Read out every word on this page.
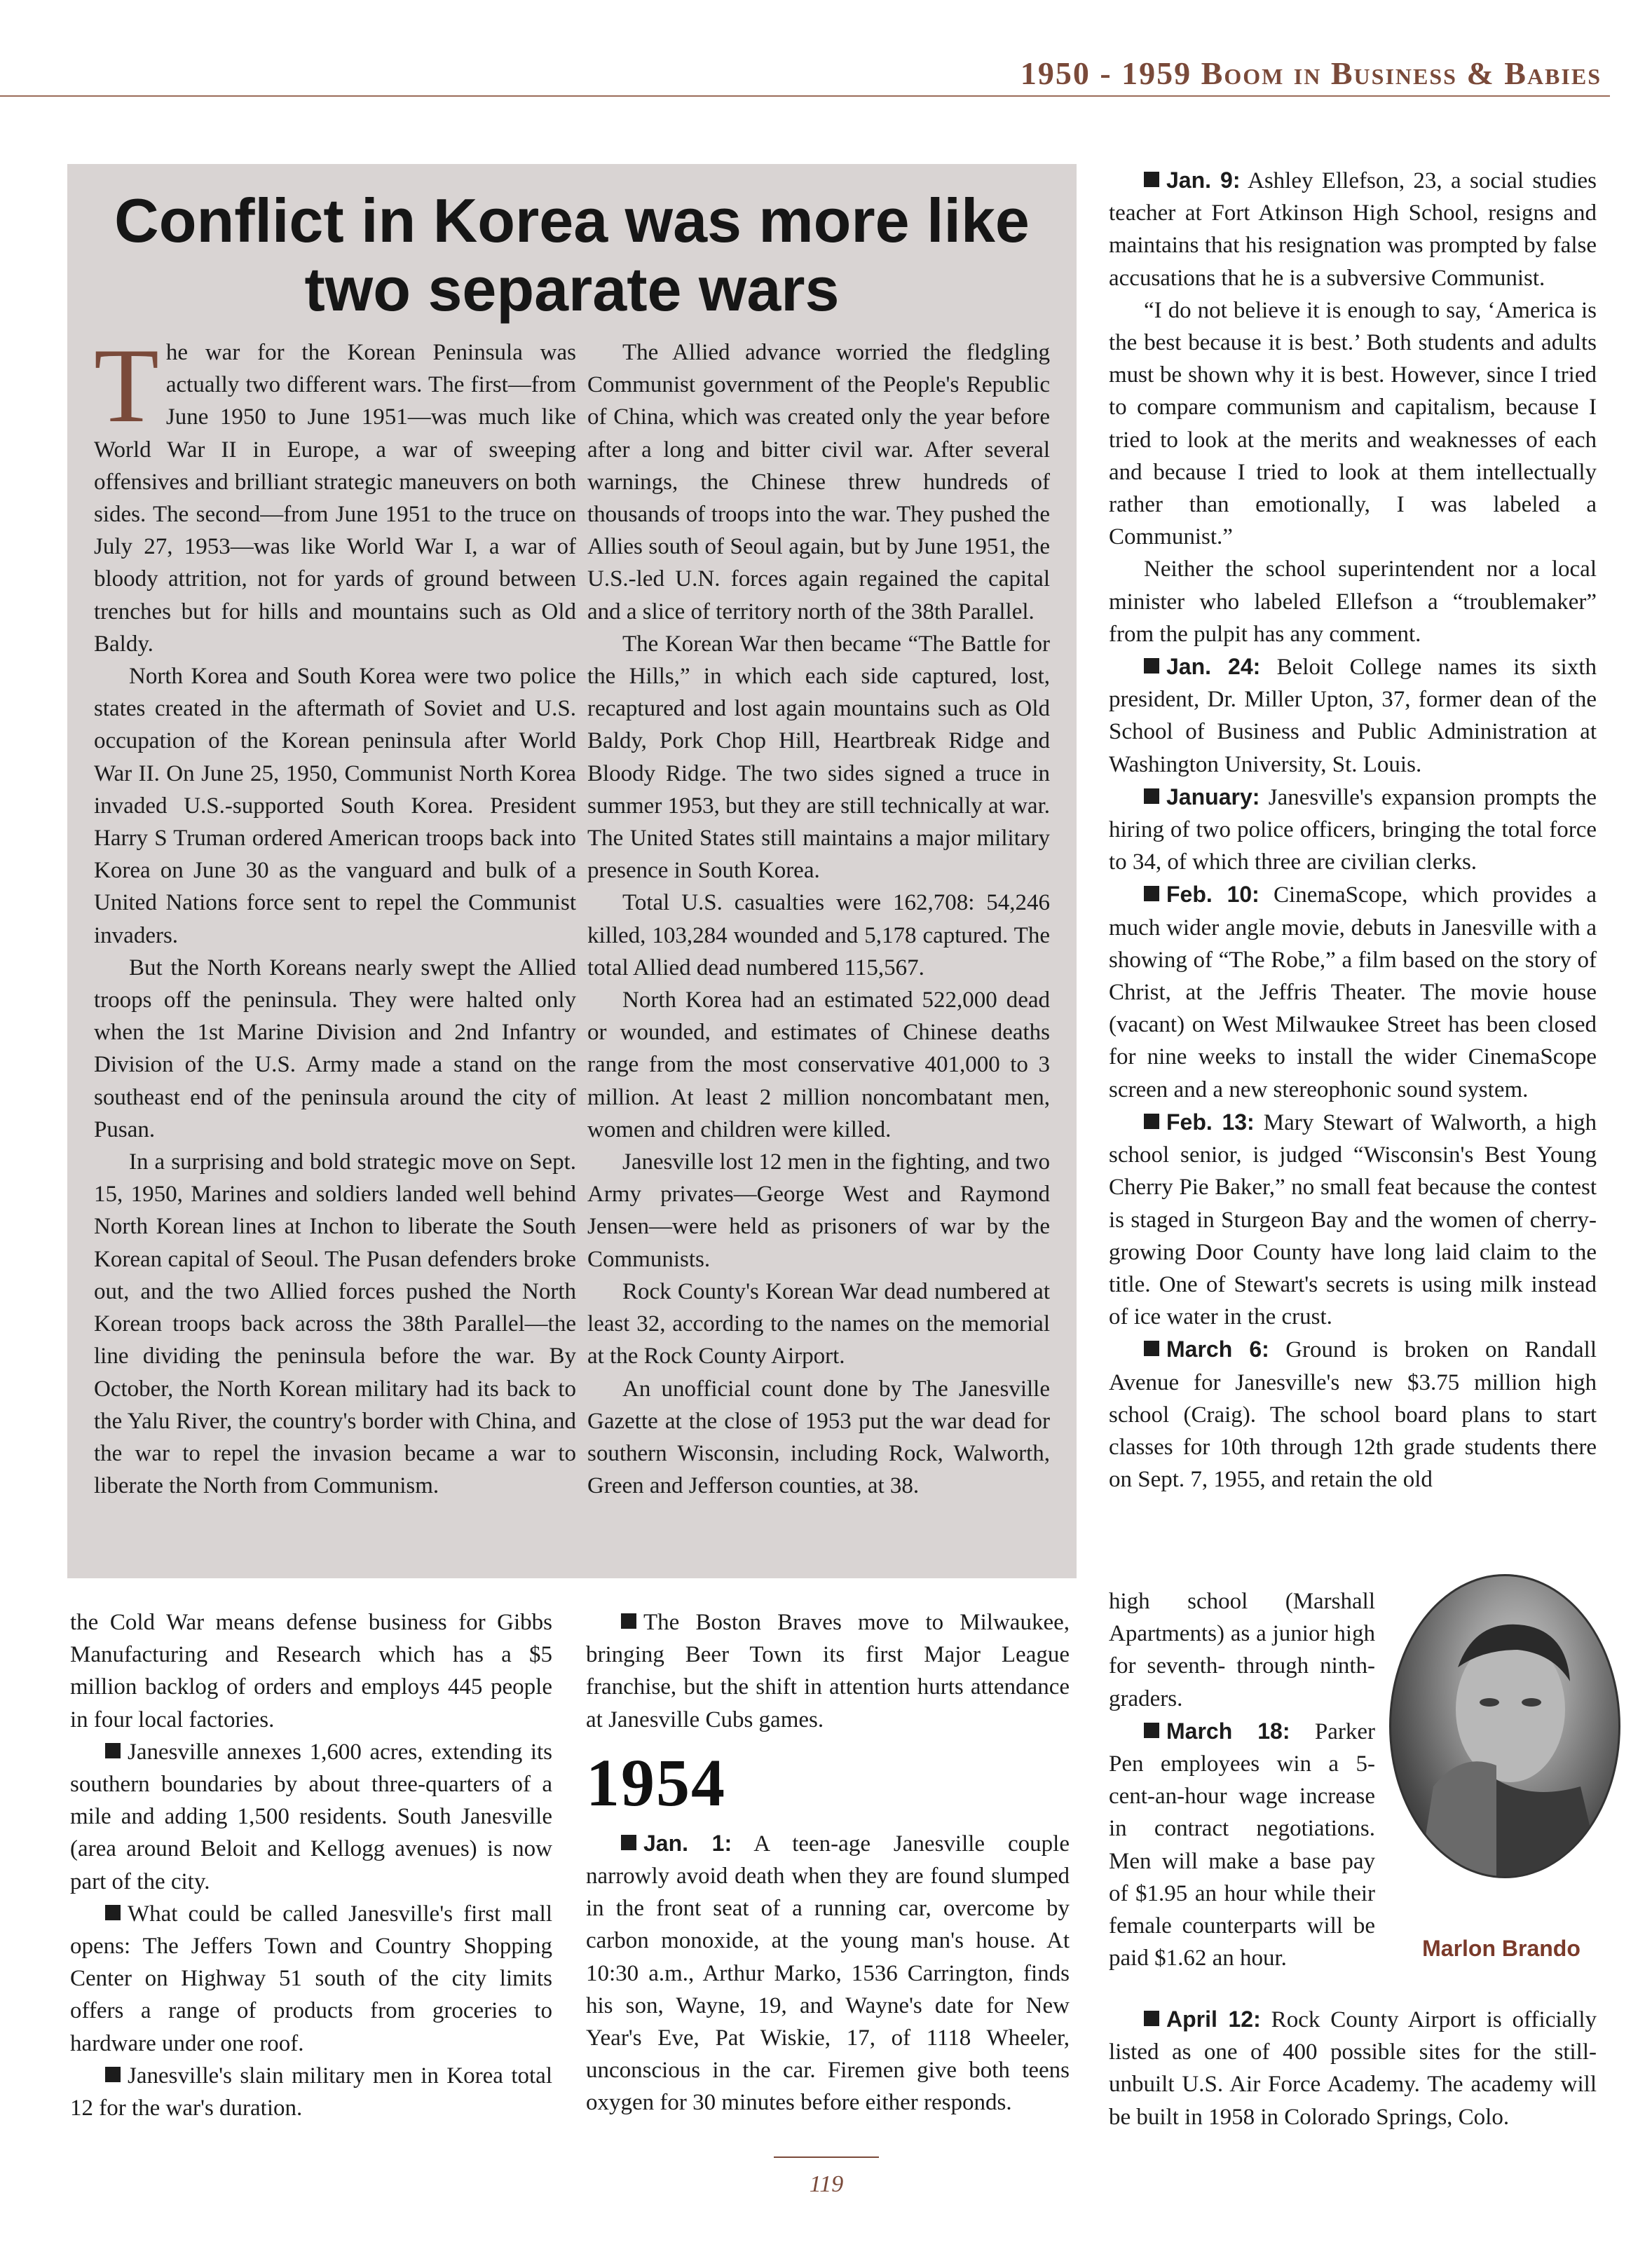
1950 - 1959 Boom in Business & Babies
Conflict in Korea was more like
two separate wars

The war for the Korean Peninsula was actually two different wars. The first—from June 1950 to June 1951—was much like World War II in Europe, a war of sweeping offensives and brilliant strategic maneuvers on both sides. The second—from June 1951 to the truce on July 27, 1953—was like World War I, a war of bloody attrition, not for yards of ground between trenches but for hills and mountains such as Old Baldy.

North Korea and South Korea were two police states created in the aftermath of Soviet and U.S. occupation of the Korean peninsula after World War II. On June 25, 1950, Communist North Korea invaded U.S.-supported South Korea. President Harry S Truman ordered American troops back into Korea on June 30 as the vanguard and bulk of a United Nations force sent to repel the Communist invaders.

But the North Koreans nearly swept the Allied troops off the peninsula. They were halted only when the 1st Marine Division and 2nd Infantry Division of the U.S. Army made a stand on the southeast end of the peninsula around the city of Pusan.

In a surprising and bold strategic move on Sept. 15, 1950, Marines and soldiers landed well behind North Korean lines at Inchon to liberate the South Korean capital of Seoul. The Pusan defenders broke out, and the two Allied forces pushed the North Korean troops back across the 38th Parallel—the line dividing the peninsula before the war. By October, the North Korean military had its back to the Yalu River, the country's border with China, and the war to repel the invasion became a war to liberate the North from Communism.

The Allied advance worried the fledgling Communist government of the People's Republic of China, which was created only the year before after a long and bitter civil war. After several warnings, the Chinese threw hundreds of thousands of troops into the war. They pushed the Allies south of Seoul again, but by June 1951, the U.S.-led U.N. forces again regained the capital and a slice of territory north of the 38th Parallel.

The Korean War then became “The Battle for the Hills,” in which each side captured, lost, recaptured and lost again mountains such as Old Baldy, Pork Chop Hill, Heartbreak Ridge and Bloody Ridge. The two sides signed a truce in summer 1953, but they are still technically at war. The United States still maintains a major military presence in South Korea.

Total U.S. casualties were 162,708: 54,246 killed, 103,284 wounded and 5,178 captured. The total Allied dead numbered 115,567.

North Korea had an estimated 522,000 dead or wounded, and estimates of Chinese deaths range from the most conservative 401,000 to 3 million. At least 2 million noncombatant men, women and children were killed.

Janesville lost 12 men in the fighting, and two Army privates—George West and Raymond Jensen—were held as prisoners of war by the Communists.

Rock County's Korean War dead numbered at least 32, according to the names on the memorial at the Rock County Airport.

An unofficial count done by The Janesville Gazette at the close of 1953 put the war dead for southern Wisconsin, including Rock, Walworth, Green and Jefferson counties, at 38.

the Cold War means defense business for Gibbs Manufacturing and Research which has a $5 million backlog of orders and employs 445 people in four local factories.

Janesville annexes 1,600 acres, extending its southern boundaries by about three-quarters of a mile and adding 1,500 residents. South Janesville (area around Beloit and Kellogg avenues) is now part of the city.

What could be called Janesville's first mall opens: The Jeffers Town and Country Shopping Center on Highway 51 south of the city limits offers a range of products from groceries to hardware under one roof.

Janesville's slain military men in Korea total 12 for the war's duration.

The Boston Braves move to Milwaukee, bringing Beer Town its first Major League franchise, but the shift in attention hurts attendance at Janesville Cubs games.

1954

Jan. 1: A teen-age Janesville couple narrowly avoid death when they are found slumped in the front seat of a running car, overcome by carbon monoxide, at the young man's house. At 10:30 a.m., Arthur Marko, 1536 Carrington, finds his son, Wayne, 19, and Wayne's date for New Year's Eve, Pat Wiskie, 17, of 1118 Wheeler, unconscious in the car. Firemen give both teens oxygen for 30 minutes before either responds.

Jan. 9: Ashley Ellefson, 23, a social studies teacher at Fort Atkinson High School, resigns and maintains that his resignation was prompted by false accusations that he is a subversive Communist.

“I do not believe it is enough to say, ‘America is the best because it is best.’ Both students and adults must be shown why it is best. However, since I tried to compare communism and capitalism, because I tried to look at the merits and weaknesses of each and because I tried to look at them intellectually rather than emotionally, I was labeled a Communist.”

Neither the school superintendent nor a local minister who labeled Ellefson a “troublemaker” from the pulpit has any comment.

Jan. 24: Beloit College names its sixth president, Dr. Miller Upton, 37, former dean of the School of Business and Public Administration at Washington University, St. Louis.

January: Janesville's expansion prompts the hiring of two police officers, bringing the total force to 34, of which three are civilian clerks.

Feb. 10: CinemaScope, which provides a much wider angle movie, debuts in Janesville with a showing of “The Robe,” a film based on the story of Christ, at the Jeffris Theater. The movie house (vacant) on West Milwaukee Street has been closed for nine weeks to install the wider CinemaScope screen and a new stereophonic sound system.

Feb. 13: Mary Stewart of Walworth, a high school senior, is judged “Wisconsin's Best Young Cherry Pie Baker,” no small feat because the contest is staged in Sturgeon Bay and the women of cherry-growing Door County have long laid claim to the title. One of Stewart's secrets is using milk instead of ice water in the crust.

March 6: Ground is broken on Randall Avenue for Janesville's new $3.75 million high school (Craig). The school board plans to start classes for 10th through 12th grade students there on Sept. 7, 1955, and retain the old

high school (Marshall Apartments) as a junior high for seventh- through ninth-graders.

March 18: Parker Pen employees win a 5-cent-an-hour wage increase in contract negotiations. Men will make a base pay of $1.95 an hour while their female counterparts will be paid $1.62 an hour.

April 12: Rock County Airport is officially listed as one of 400 possible sites for the still-unbuilt U.S. Air Force Academy. The academy will be built in 1958 in Colorado Springs, Colo.

Marlon Brando
119
